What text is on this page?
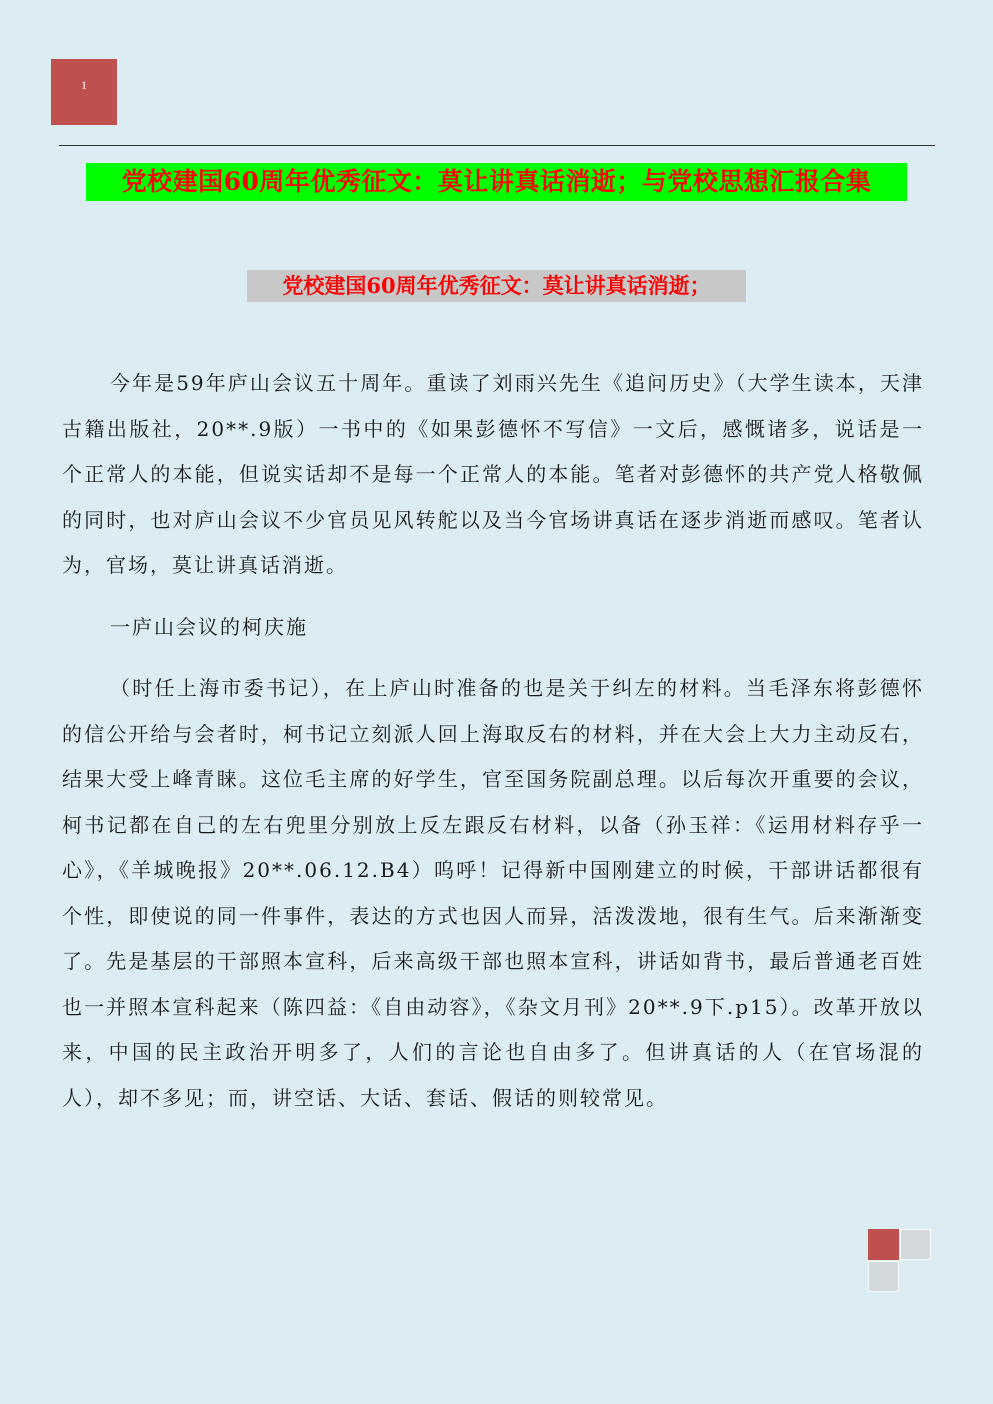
1
党校建国60周年优秀征文：莫让讲真话消逝；与党校思想汇报合集
党校建国60周年优秀征文：莫让讲真话消逝；

今年是59年庐山会议五十周年。重读了刘雨兴先生《追问历史》（大学生读本，天津古籍出版社，20**.9版）一书中的《如果彭德怀不写信》一文后，感慨诸多，说话是一个正常人的本能，但说实话却不是每一个正常人的本能。笔者对彭德怀的共产党人格敬佩的同时，也对庐山会议不少官员见风转舵以及当今官场讲真话在逐步消逝而感叹。笔者认为，官场，莫让讲真话消逝。

一庐山会议的柯庆施

（时任上海市委书记），在上庐山时准备的也是关于纠左的材料。当毛泽东将彭德怀的信公开给与会者时，柯书记立刻派人回上海取反右的材料，并在大会上大力主动反右，结果大受上峰青睐。这位毛主席的好学生，官至国务院副总理。以后每次开重要的会议，柯书记都在自己的左右兜里分别放上反左跟反右材料，以备（孙玉祥：《运用材料存乎一心》，《羊城晚报》20**.06.12.B4）呜呼！记得新中国刚建立的时候，干部讲话都很有个性，即使说的同一件事件，表达的方式也因人而异，活泼泼地，很有生气。后来渐渐变了。先是基层的干部照本宣科，后来高级干部也照本宣科，讲话如背书，最后普通老百姓也一并照本宣科起来（陈四益：《自由动容》，《杂文月刊》20**.9下.p15）。改革开放以来，中国的民主政治开明多了，人们的言论也自由多了。但讲真话的人（在官场混的人），却不多见；而，讲空话、大话、套话、假话的则较常见。
